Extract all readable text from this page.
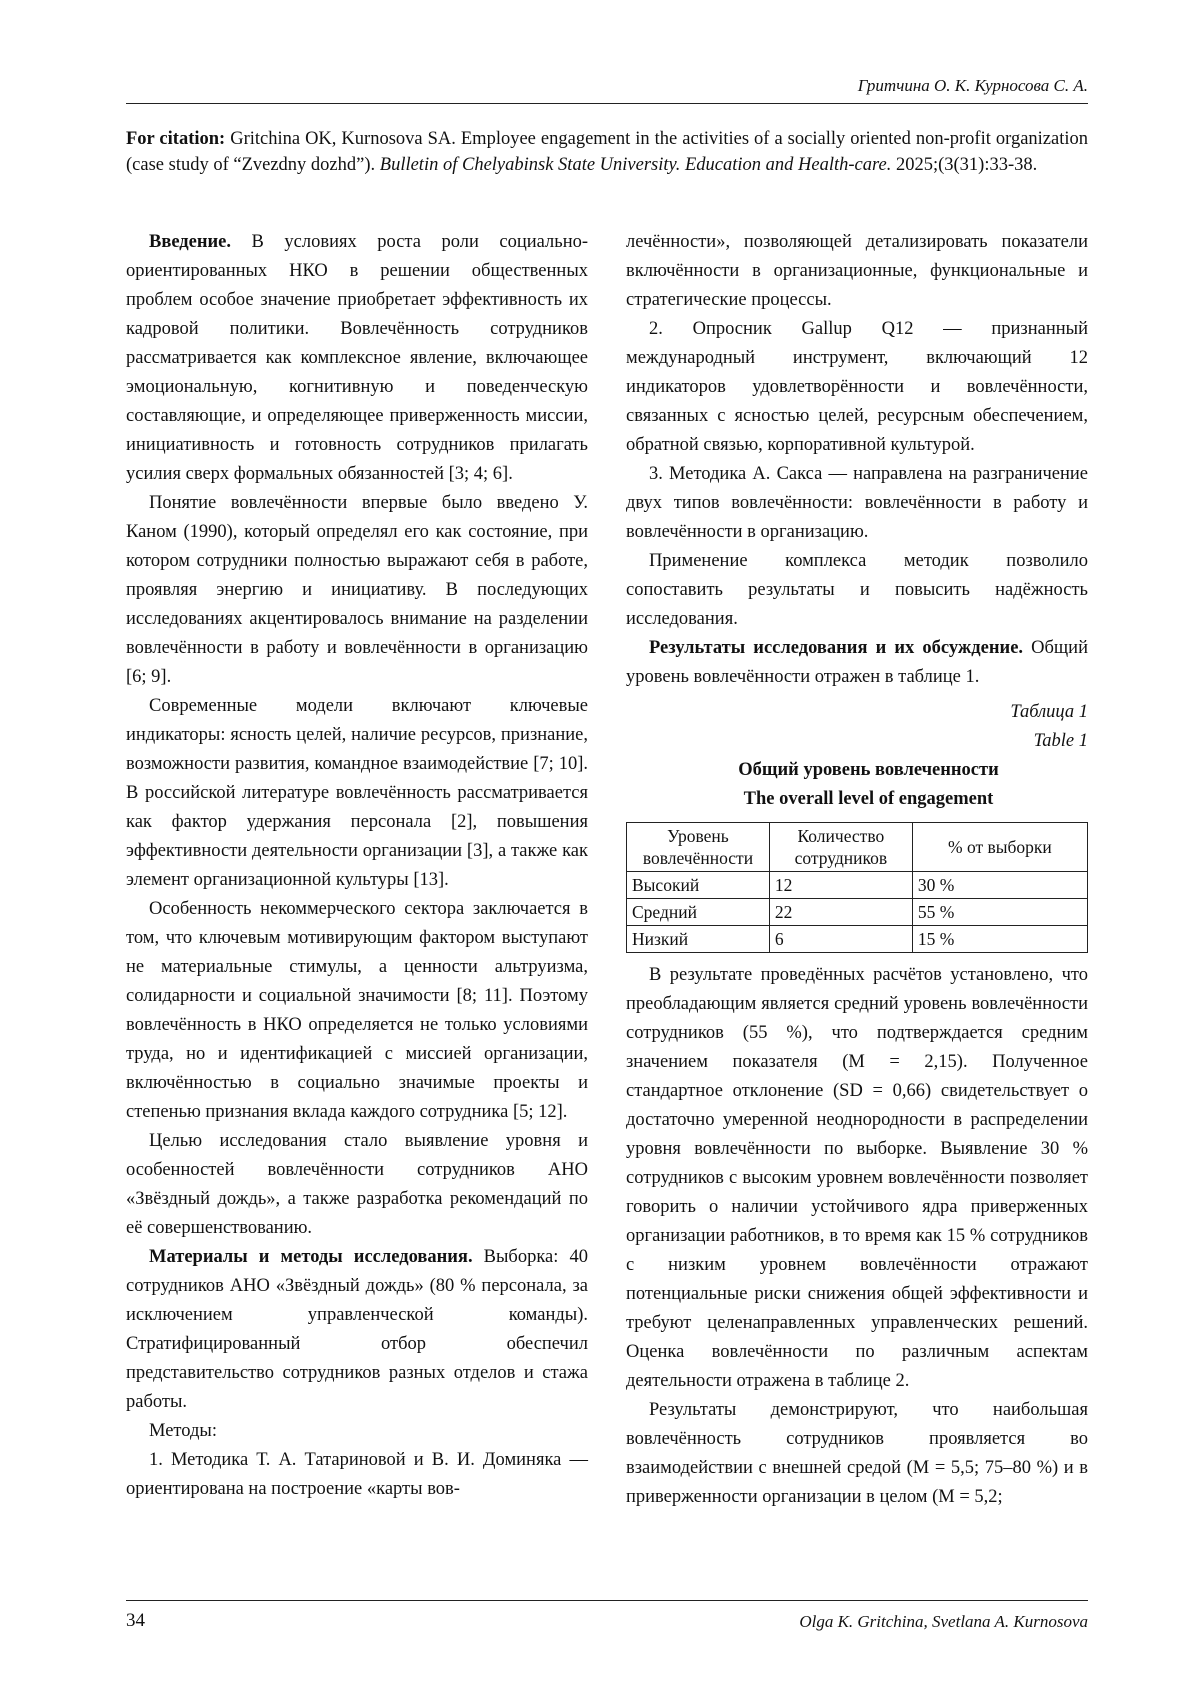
Гритчина О. К. Курносова С. А.
For citation: Gritchina OK, Kurnosova SA. Employee engagement in the activities of a socially oriented non-profit organization (case study of “Zvezdny dozhd”). Bulletin of Chelyabinsk State University. Education and Health-care. 2025;(3(31):33-38.

Введение. В условиях роста роли социально-ориентированных НКО в решении общественных проблем особое значение приобретает эффективность их кадровой политики. Вовлечённость сотрудников рассматривается как комплексное явление, включающее эмоциональную, когнитивную и поведенческую составляющие, и определяющее приверженность миссии, инициативность и готовность сотрудников прилагать усилия сверх формальных обязанностей [3; 4; 6].

Понятие вовлечённости впервые было введено У. Каном (1990), который определял его как состояние, при котором сотрудники полностью выражают себя в работе, проявляя энергию и инициативу. В последующих исследованиях акцентировалось внимание на разделении вовлечённости в работу и вовлечённости в организацию [6; 9].

Современные модели включают ключевые индикаторы: ясность целей, наличие ресурсов, признание, возможности развития, командное взаимодействие [7; 10]. В российской литературе вовлечённость рассматривается как фактор удержания персонала [2], повышения эффективности деятельности организации [3], а также как элемент организационной культуры [13].

Особенность некоммерческого сектора заключается в том, что ключевым мотивирующим фактором выступают не материальные стимулы, а ценности альтруизма, солидарности и социальной значимости [8; 11]. Поэтому вовлечённость в НКО определяется не только условиями труда, но и идентификацией с миссией организации, включённостью в социально значимые проекты и степенью признания вклада каждого сотрудника [5; 12].

Целью исследования стало выявление уровня и особенностей вовлечённости сотрудников АНО «Звёздный дождь», а также разработка рекомендаций по её совершенствованию.

Материалы и методы исследования. Выборка: 40 сотрудников АНО «Звёздный дождь» (80 % персонала, за исключением управленческой команды). Стратифицированный отбор обеспечил представительство сотрудников разных отделов и стажа работы.

Методы:

1. Методика Т. А. Татариновой и В. И. Доминяка — ориентирована на построение «карты вов-

лечённости», позволяющей детализировать показатели включённости в организационные, функциональные и стратегические процессы.

2. Опросник Gallup Q12 — признанный международный инструмент, включающий 12 индикаторов удовлетворённости и вовлечённости, связанных с ясностью целей, ресурсным обеспечением, обратной связью, корпоративной культурой.

3. Методика А. Сакса — направлена на разграничение двух типов вовлечённости: вовлечённости в работу и вовлечённости в организацию.

Применение комплекса методик позволило сопоставить результаты и повысить надёжность исследования.

Результаты исследования и их обсуждение. Общий уровень вовлечённости отражен в таблице 1.

Таблица 1

Table 1

Общий уровень вовлеченности

The overall level of engagement

Уровень вовлечённости	Количество сотрудников	% от выборки
Высокий	12	30 %
Средний	22	55 %
Низкий	6	15 %

В результате проведённых расчётов установлено, что преобладающим является средний уровень вовлечённости сотрудников (55 %), что подтверждается средним значением показателя (М = 2,15). Полученное стандартное отклонение (SD = 0,66) свидетельствует о достаточно умеренной неоднородности в распределении уровня вовлечённости по выборке. Выявление 30 % сотрудников с высоким уровнем вовлечённости позволяет говорить о наличии устойчивого ядра приверженных организации работников, в то время как 15 % сотрудников с низким уровнем вовлечённости отражают потенциальные риски снижения общей эффективности и требуют целенаправленных управленческих решений. Оценка вовлечённости по различным аспектам деятельности отражена в таблице 2.

Результаты демонстрируют, что наибольшая вовлечённость сотрудников проявляется во взаимодействии с внешней средой (М = 5,5; 75–80 %) и в приверженности организации в целом (М = 5,2;

34	Olga K. Gritchina, Svetlana A. Kurnosova
